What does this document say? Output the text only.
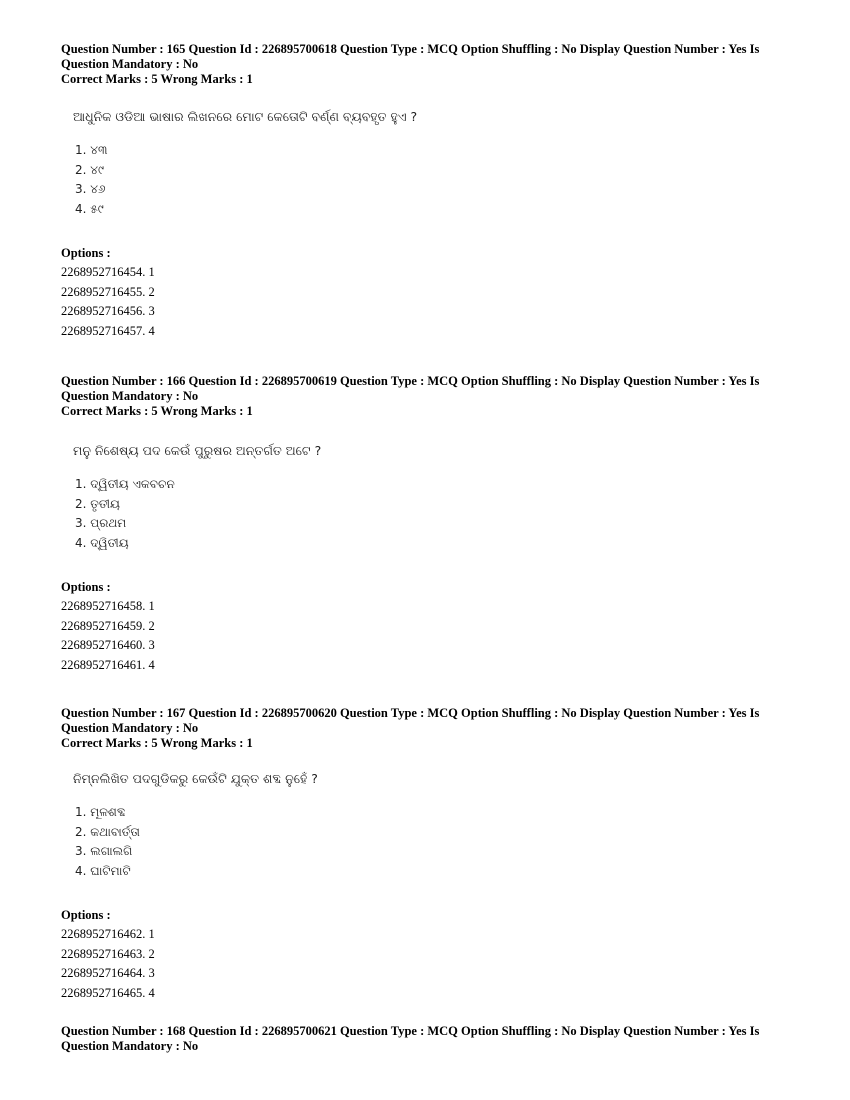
Question Number : 165 Question Id : 226895700618 Question Type : MCQ Option Shuffling : No Display Question Number : Yes Is

Question Mandatory : No

Correct Marks : 5 Wrong Marks : 1

ଆଧୁନିକ ଓଡିଆ ଭାଷାର ଲିଖନରେ ମୋଟ କେତୋଟି ବର୍ଣ୍ଣ ବ୍ୟବହୃତ ହୁଏ ?

1. ୪୩
2. ୪୯
3. ୪୬
4. ୫୯

Options :

2268952716454. 1
2268952716455. 2
2268952716456. 3
2268952716457. 4

Question Number : 166 Question Id : 226895700619 Question Type : MCQ Option Shuffling : No Display Question Number : Yes Is

Question Mandatory : No

Correct Marks : 5 Wrong Marks : 1

ମନୁ ନିଶେଷ୍ୟ ପଦ କେଉଁ ପୁରୁଷର ଅନ୍ତର୍ଗତ ଅଟେ ?

1. ଦ୍ୱିତୀୟ ଏକବଚନ
2. ତୃତୀୟ
3. ପ୍ରଥମ
4. ଦ୍ୱିତୀୟ

Options :

2268952716458. 1
2268952716459. 2
2268952716460. 3
2268952716461. 4

Question Number : 167 Question Id : 226895700620 Question Type : MCQ Option Shuffling : No Display Question Number : Yes Is

Question Mandatory : No

Correct Marks : 5 Wrong Marks : 1

ନିମ୍ନଲିଖିତ ପଦଗୁଡିକରୁ କେଉଁଟି ଯୁକ୍ତ ଶବ୍ଦ ନୁହେଁ ?

1. ମୂଳଶବ୍ଦ
2. କଥାବାର୍ତ୍ତା
3. ଲଗାଲଗି
4. ଘାଟିମାଟି

Options :

2268952716462. 1
2268952716463. 2
2268952716464. 3
2268952716465. 4

Question Number : 168 Question Id : 226895700621 Question Type : MCQ Option Shuffling : No Display Question Number : Yes Is

Question Mandatory : No
